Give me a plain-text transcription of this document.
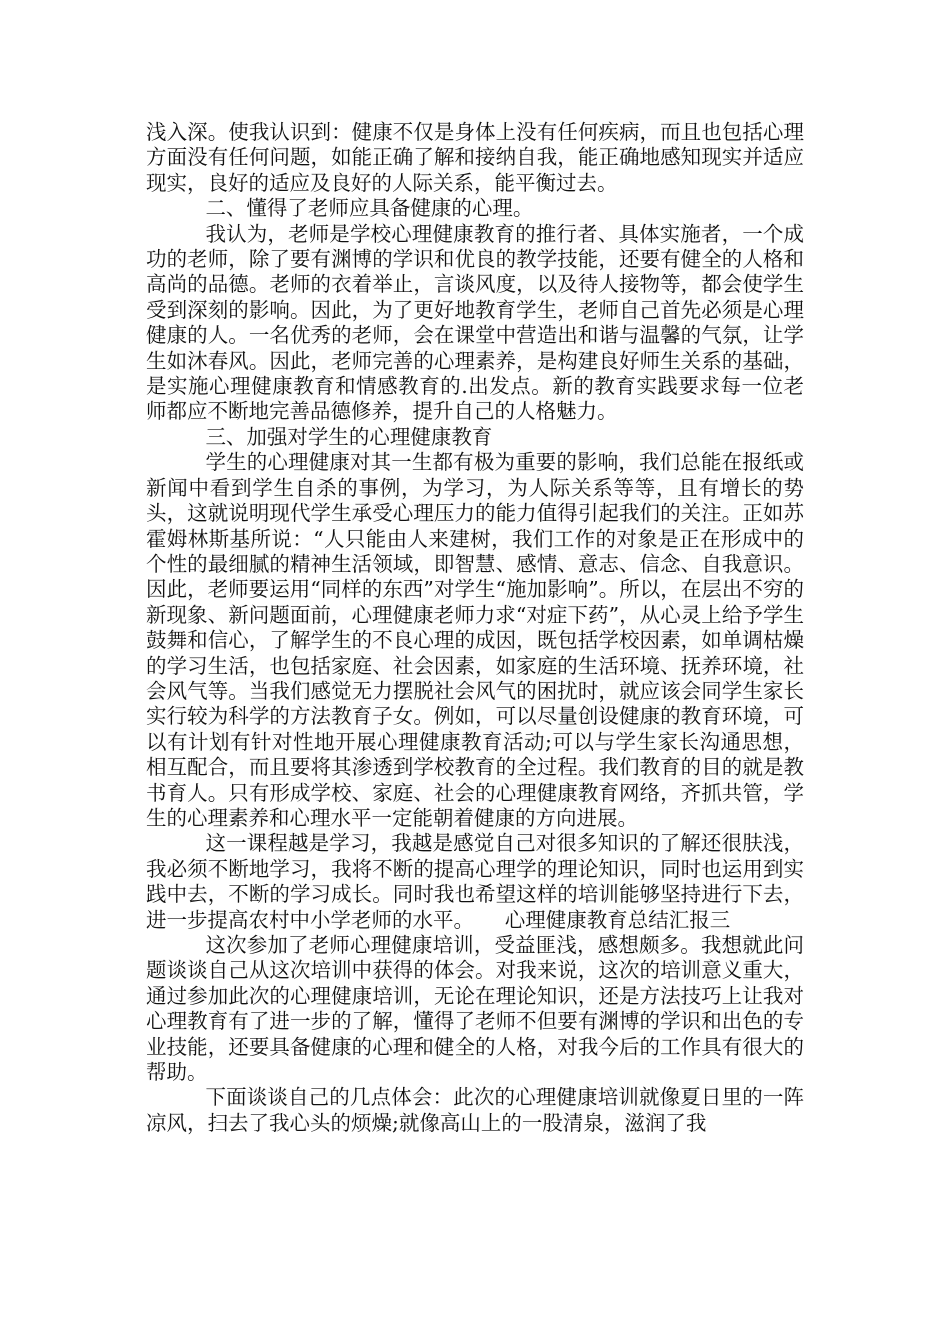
浅入深。使我认识到：健康不仅是身体上没有任何疾病，而且也包括心理方面没有任何问题，如能正确了解和接纳自我，能正确地感知现实并适应现实，良好的适应及良好的人际关系，能平衡过去。

二、懂得了老师应具备健康的心理。

我认为，老师是学校心理健康教育的推行者、具体实施者，一个成功的老师，除了要有渊博的学识和优良的教学技能，还要有健全的人格和高尚的品德。老师的衣着举止，言谈风度，以及待人接物等，都会使学生受到深刻的影响。因此，为了更好地教育学生，老师自己首先必须是心理健康的人。一名优秀的老师，会在课堂中营造出和谐与温馨的气氛，让学生如沐春风。因此，老师完善的心理素养，是构建良好师生关系的基础，是实施心理健康教育和情感教育的.出发点。新的教育实践要求每一位老师都应不断地完善品德修养，提升自己的人格魅力。

三、加强对学生的心理健康教育

学生的心理健康对其一生都有极为重要的影响，我们总能在报纸或新闻中看到学生自杀的事例，为学习，为人际关系等等，且有增长的势头，这就说明现代学生承受心理压力的能力值得引起我们的关注。正如苏霍姆林斯基所说：“人只能由人来建树，我们工作的对象是正在形成中的个性的最细腻的精神生活领域，即智慧、感情、意志、信念、自我意识。因此，老师要运用“同样的东西”对学生“施加影响”。所以，在层出不穷的新现象、新问题面前，心理健康老师力求“对症下药”，从心灵上给予学生鼓舞和信心，了解学生的不良心理的成因，既包括学校因素，如单调枯燥的学习生活，也包括家庭、社会因素，如家庭的生活环境、抚养环境，社会风气等。当我们感觉无力摆脱社会风气的困扰时，就应该会同学生家长实行较为科学的方法教育子女。例如，可以尽量创设健康的教育环境，可以有计划有针对性地开展心理健康教育活动;可以与学生家长沟通思想，相互配合，而且要将其渗透到学校教育的全过程。我们教育的目的就是教书育人。只有形成学校、家庭、社会的心理健康教育网络，齐抓共管，学生的心理素养和心理水平一定能朝着健康的方向进展。

这一课程越是学习，我越是感觉自己对很多知识的了解还很肤浅，我必须不断地学习，我将不断的提高心理学的理论知识，同时也运用到实践中去，不断的学习成长。同时我也希望这样的培训能够坚持进行下去，进一步提高农村中小学老师的水平。　　心理健康教育总结汇报三

这次参加了老师心理健康培训，受益匪浅，感想颇多。我想就此问题谈谈自己从这次培训中获得的体会。对我来说，这次的培训意义重大，通过参加此次的心理健康培训，无论在理论知识，还是方法技巧上让我对心理教育有了进一步的了解，懂得了老师不但要有渊博的学识和出色的专业技能，还要具备健康的心理和健全的人格，对我今后的工作具有很大的帮助。

下面谈谈自己的几点体会：此次的心理健康培训就像夏日里的一阵凉风，扫去了我心头的烦燥;就像高山上的一股清泉，滋润了我
